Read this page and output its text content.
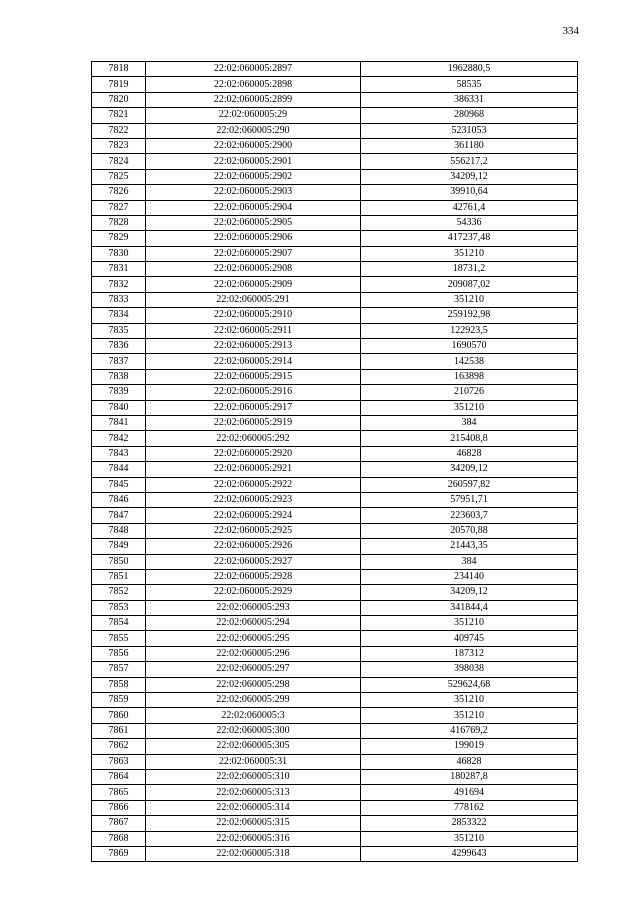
334
7818	22:02:060005:2897	1962880,5
7819	22:02:060005:2898	58535
7820	22:02:060005:2899	386331
7821	22:02:060005:29	280968
7822	22:02:060005:290	5231053
7823	22:02:060005:2900	361180
7824	22:02:060005:2901	556217,2
7825	22:02:060005:2902	34209,12
7826	22:02:060005:2903	39910,64
7827	22:02:060005:2904	42761,4
7828	22:02:060005:2905	54336
7829	22:02:060005:2906	417237,48
7830	22:02:060005:2907	351210
7831	22:02:060005:2908	18731,2
7832	22:02:060005:2909	209087,02
7833	22:02:060005:291	351210
7834	22:02:060005:2910	259192,98
7835	22:02:060005:2911	122923,5
7836	22:02:060005:2913	1690570
7837	22:02:060005:2914	142538
7838	22:02:060005:2915	163898
7839	22:02:060005:2916	210726
7840	22:02:060005:2917	351210
7841	22:02:060005:2919	384
7842	22:02:060005:292	215408,8
7843	22:02:060005:2920	46828
7844	22:02:060005:2921	34209,12
7845	22:02:060005:2922	260597,82
7846	22:02:060005:2923	57951,71
7847	22:02:060005:2924	223603,7
7848	22:02:060005:2925	20570,88
7849	22:02:060005:2926	21443,35
7850	22:02:060005:2927	384
7851	22:02:060005:2928	234140
7852	22:02:060005:2929	34209,12
7853	22:02:060005:293	341844,4
7854	22:02:060005:294	351210
7855	22:02:060005:295	409745
7856	22:02:060005:296	187312
7857	22:02:060005:297	398038
7858	22:02:060005:298	529624,68
7859	22:02:060005:299	351210
7860	22:02:060005:3	351210
7861	22:02:060005:300	416769,2
7862	22:02:060005:305	199019
7863	22:02:060005:31	46828
7864	22:02:060005:310	180287,8
7865	22:02:060005:313	491694
7866	22:02:060005:314	778162
7867	22:02:060005:315	2853322
7868	22:02:060005:316	351210
7869	22:02:060005:318	4299643
